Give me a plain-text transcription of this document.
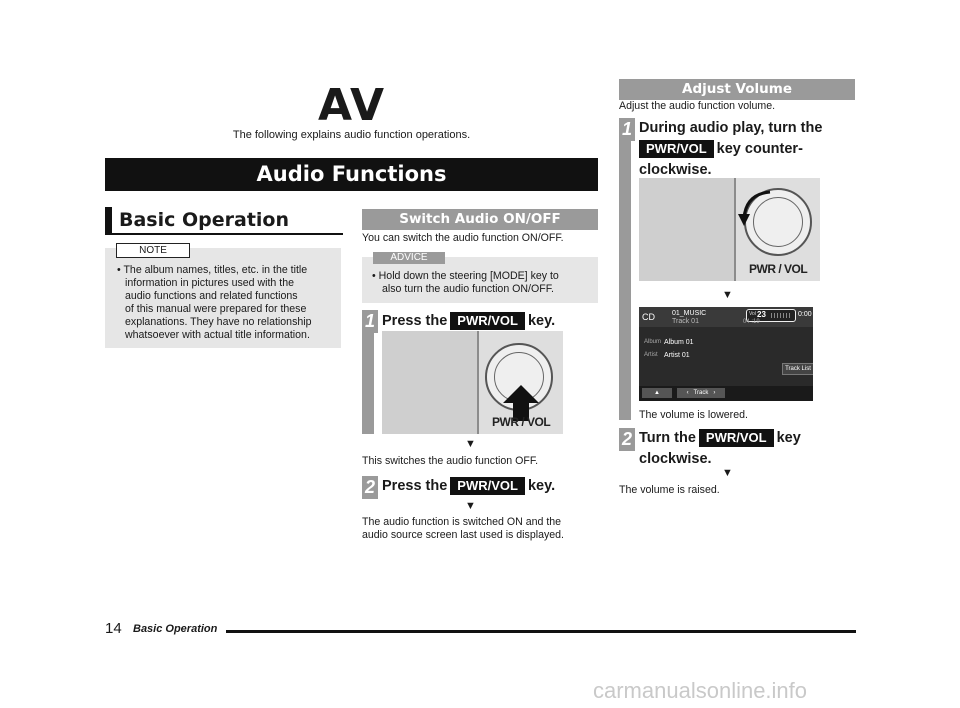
AV
The following explains audio function operations.
Audio Functions
Basic Operation
NOTE
• The album names, titles, etc. in the title
information in pictures used with the
audio functions and related functions
of this manual were prepared for these
explanations. They have no relationship
whatsoever with actual title information.
Switch Audio ON/OFF
You can switch the audio function ON/OFF.
ADVICE
• Hold down the steering [MODE] key to
also turn the audio function ON/OFF.
1 Press the PWR/VOL key.
PWR / VOL
▼
This switches the audio function OFF.
2 Press the PWR/VOL key.
▼
The audio function is switched ON and the
audio source screen last used is displayed.
Adjust Volume
Adjust the audio function volume.
1 During audio play, turn the
PWR/VOL key counter-
clockwise.
PWR / VOL
▼
CD 01_MUSIC
Track 01
Vol 23
04 :19
0:00
Album Album 01
Artist Artist 01
Track List
▲	‹   Track   ›
The volume is lowered.
2 Turn the PWR/VOL key
clockwise.
▼
The volume is raised.
14 Basic Operation
carmanualsonline.info
